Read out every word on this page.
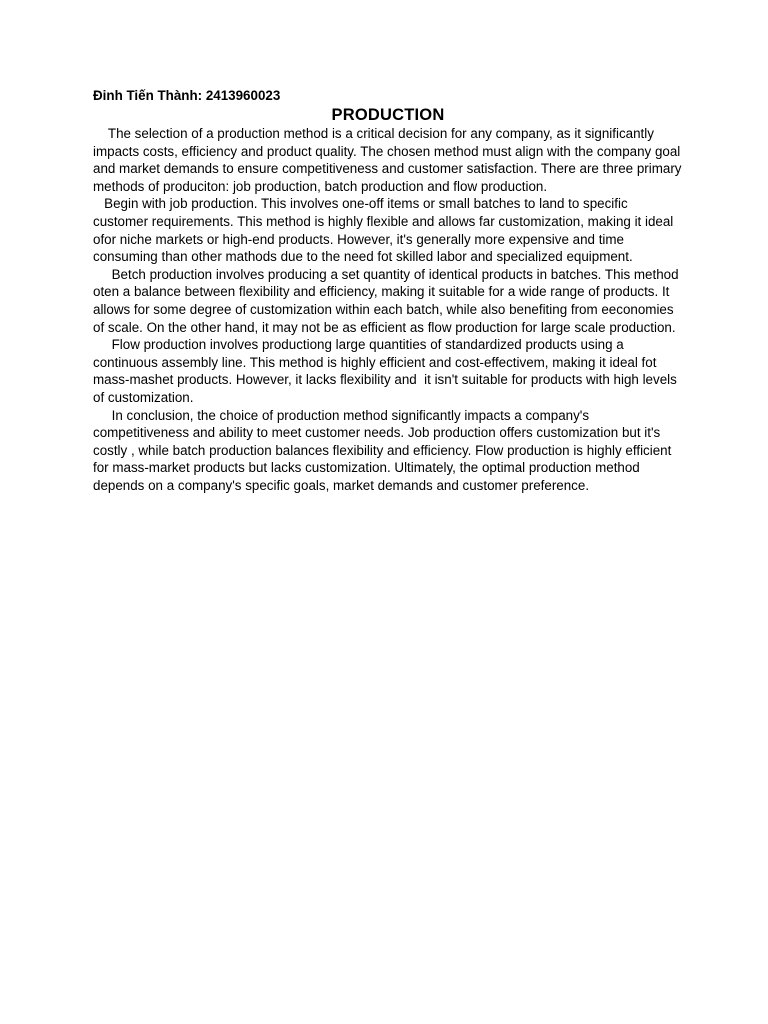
Đinh Tiến Thành: 2413960023

PRODUCTION

The selection of a production method is a critical decision for any company, as it significantly impacts costs, efficiency and product quality. The chosen method must align with the company goal and market demands to ensure competitiveness and customer satisfaction. There are three primary methods of produciton: job production, batch production and flow production.

Begin with job production. This involves one-off items or small batches to land to specific customer requirements. This method is highly flexible and allows far customization, making it ideal ofor niche markets or high-end products. However, it's generally more expensive and time consuming than other mathods due to the need fot skilled labor and specialized equipment.

Betch production involves producing a set quantity of identical products in batches. This method oten a balance between flexibility and efficiency, making it suitable for a wide range of products. It allows for some degree of customization within each batch, while also benefiting from eeconomies of scale. On the other hand, it may not be as efficient as flow production for large scale production.

Flow production involves productiong large quantities of standardized products using a continuous assembly line. This method is highly efficient and cost-effectivem, making it ideal fot mass-mashet products. However, it lacks flexibility and  it isn't suitable for products with high levels of customization.

In conclusion, the choice of production method significantly impacts a company's competitiveness and ability to meet customer needs. Job production offers customization but it's costly , while batch production balances flexibility and efficiency. Flow production is highly efficient for mass-market products but lacks customization. Ultimately, the optimal production method depends on a company's specific goals, market demands and customer preference.
